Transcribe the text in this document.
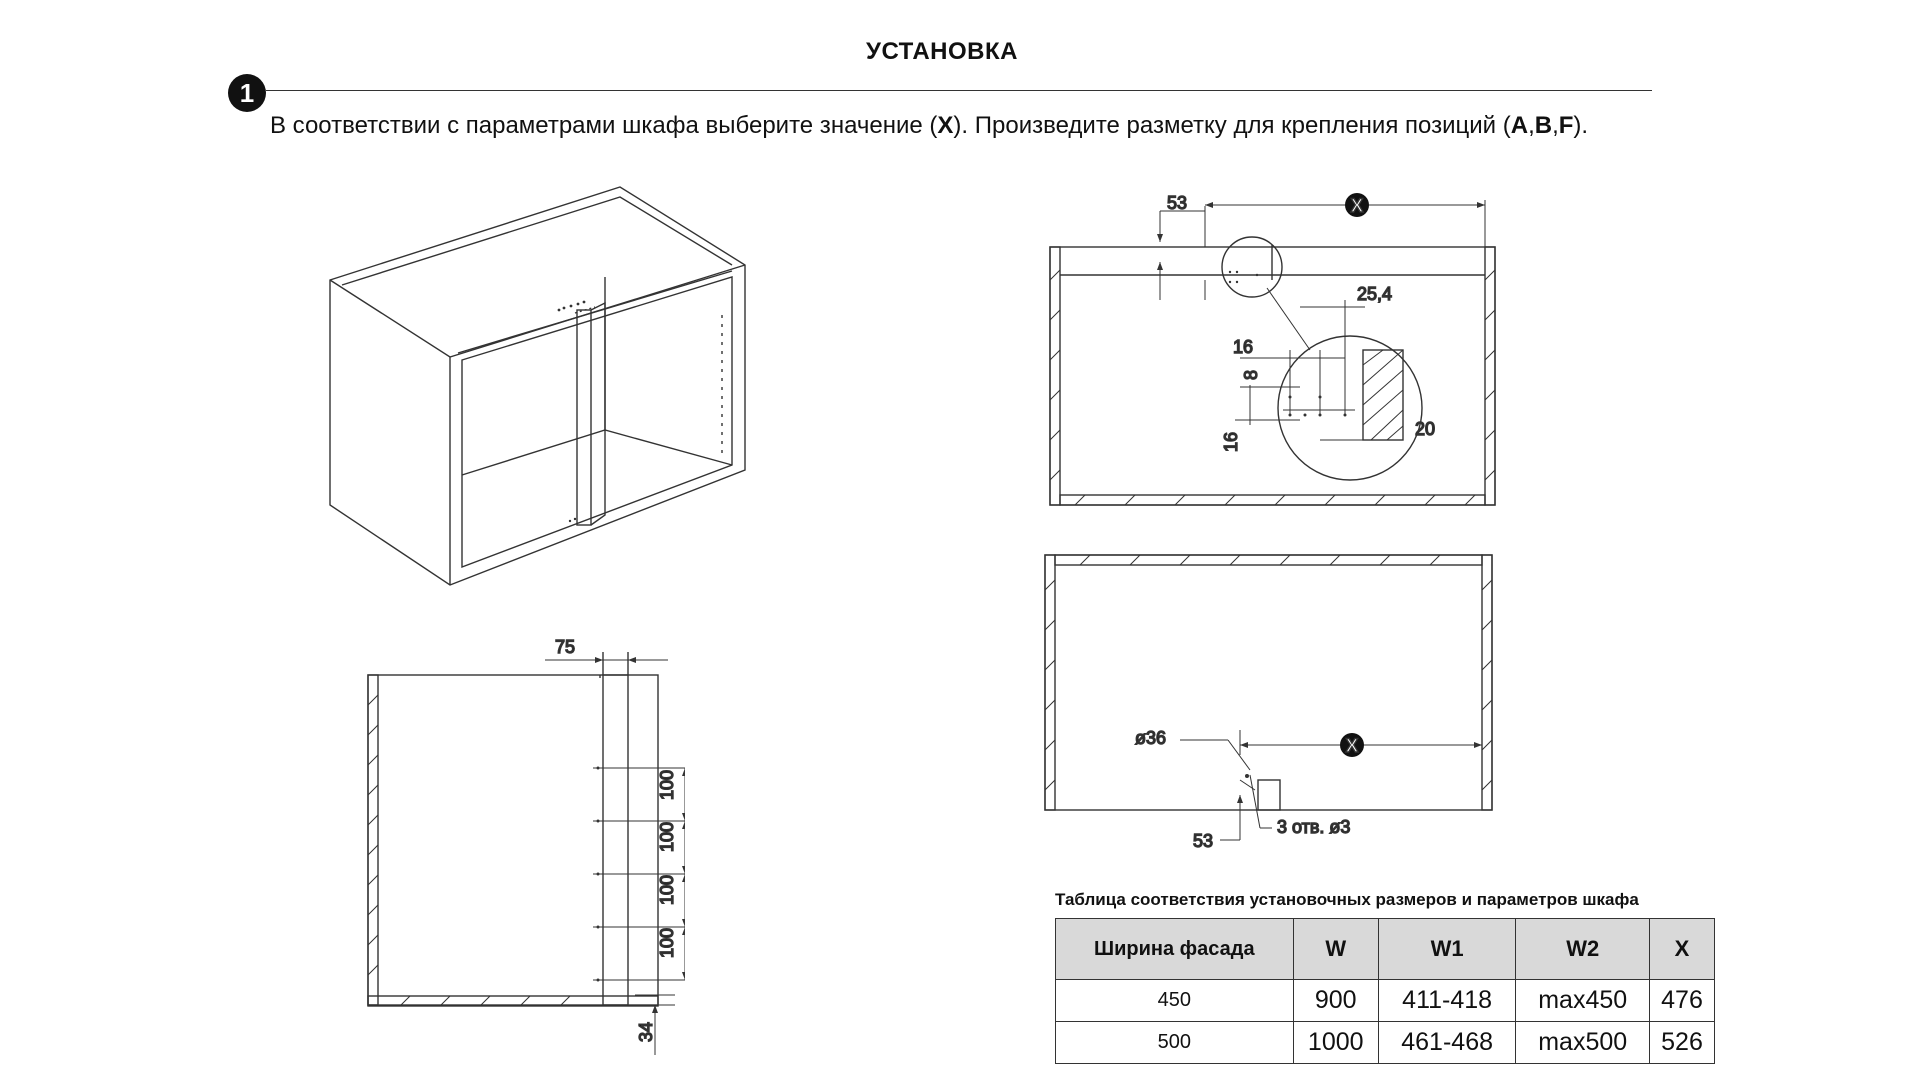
УСТАНОВКА
1
В соответствии с параметрами шкафа выберите значение (X). Произведите разметку для крепления позиций (A,B,F).
75
100
100
100
100
34
X
53
25,4
16
8
16
20
X
ø36
53
3 отв. ø3
Таблица соответствия установочных размеров и параметров шкафа
Ширина фасада	W	W1	W2	X
450	900	411-418	max450	476
500	1000	461-468	max500	526
